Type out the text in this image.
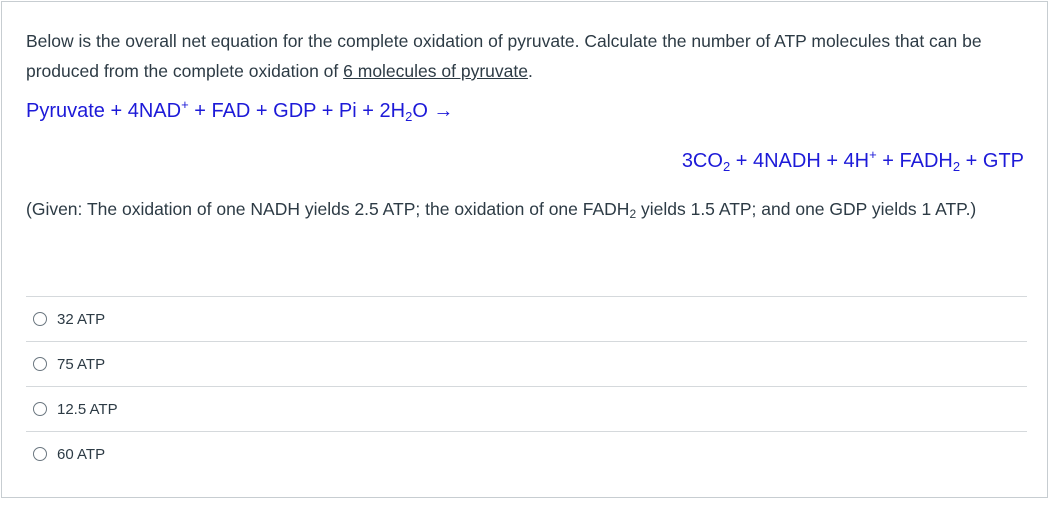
Below is the overall net equation for the complete oxidation of pyruvate. Calculate the number of ATP molecules that can be produced from the complete oxidation of 6 molecules of pyruvate.

Pyruvate + 4NAD+ + FAD + GDP + $Pi + 2H_2O$ →
$3CO_2$ + 4NADH + $4H^+ + FADH_2$ + GTP

(Given: The oxidation of one NADH yields 2.5 ATP; the oxidation of one $FADH_2$ yields 1.5 ATP; and one GDP yields 1 ATP.)

32 ATP
75 ATP
12.5 ATP
60 ATP
